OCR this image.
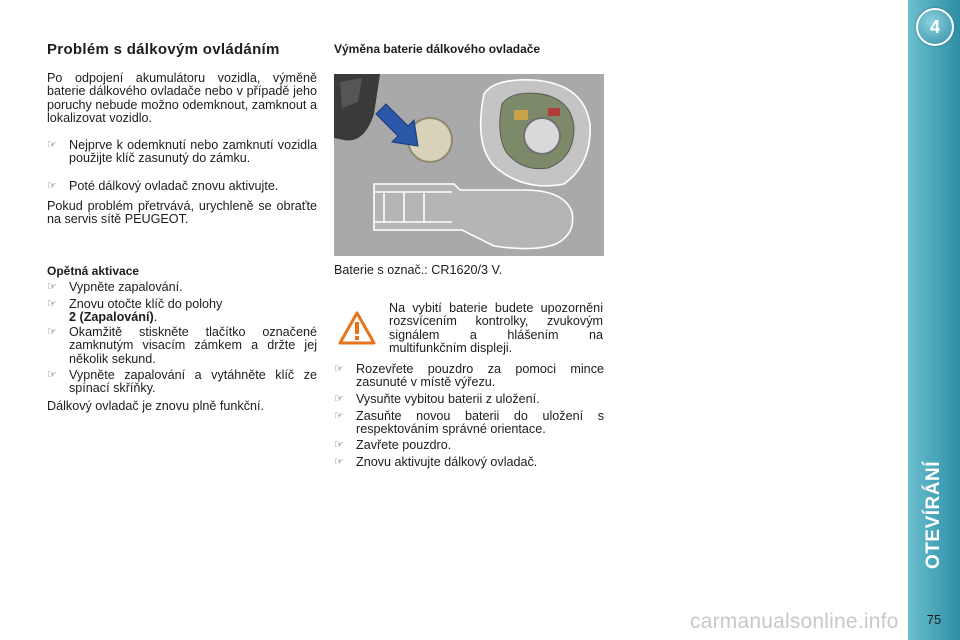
Problém s dálkovým ovládáním
Po odpojení akumulátoru vozidla, výměně baterie dálkového ovladače nebo v případě jeho poruchy nebude možno odemknout, zamknout a lokalizovat vozidlo.
☞ Nejprve k odemknutí nebo zamknutí vozidla použijte klíč zasunutý do zámku.
☞ Poté dálkový ovladač znovu aktivujte.
Pokud problém přetrvává, urychleně se obraťte na servis sítě PEUGEOT.
Opětná aktivace
☞ Vypněte zapalování.
☞ Znovu otočte klíč do polohy
2 (Zapalování).
☞ Okamžitě stiskněte tlačítko označené zamknutým visacím zámkem a držte jej několik sekund.
☞ Vypněte zapalování a vytáhněte klíč ze spínací skříňky.
Dálkový ovladač je znovu plně funkční.
Výměna baterie dálkového ovladače
Baterie s označ.: CR1620/3 V.
Na vybití baterie budete upozorněni rozsvícením kontrolky, zvukovým signálem a hlášením na multifunkčním displeji.
☞ Rozevřete pouzdro za pomoci mince zasunuté v místě výřezu.
☞ Vysuňte vybitou baterii z uložení.
☞ Zasuňte novou baterii do uložení s respektováním správné orientace.
☞ Zavřete pouzdro.
☞ Znovu aktivujte dálkový ovladač.
4
OTEVÍRÁNÍ
75
carmanualsonline.info
